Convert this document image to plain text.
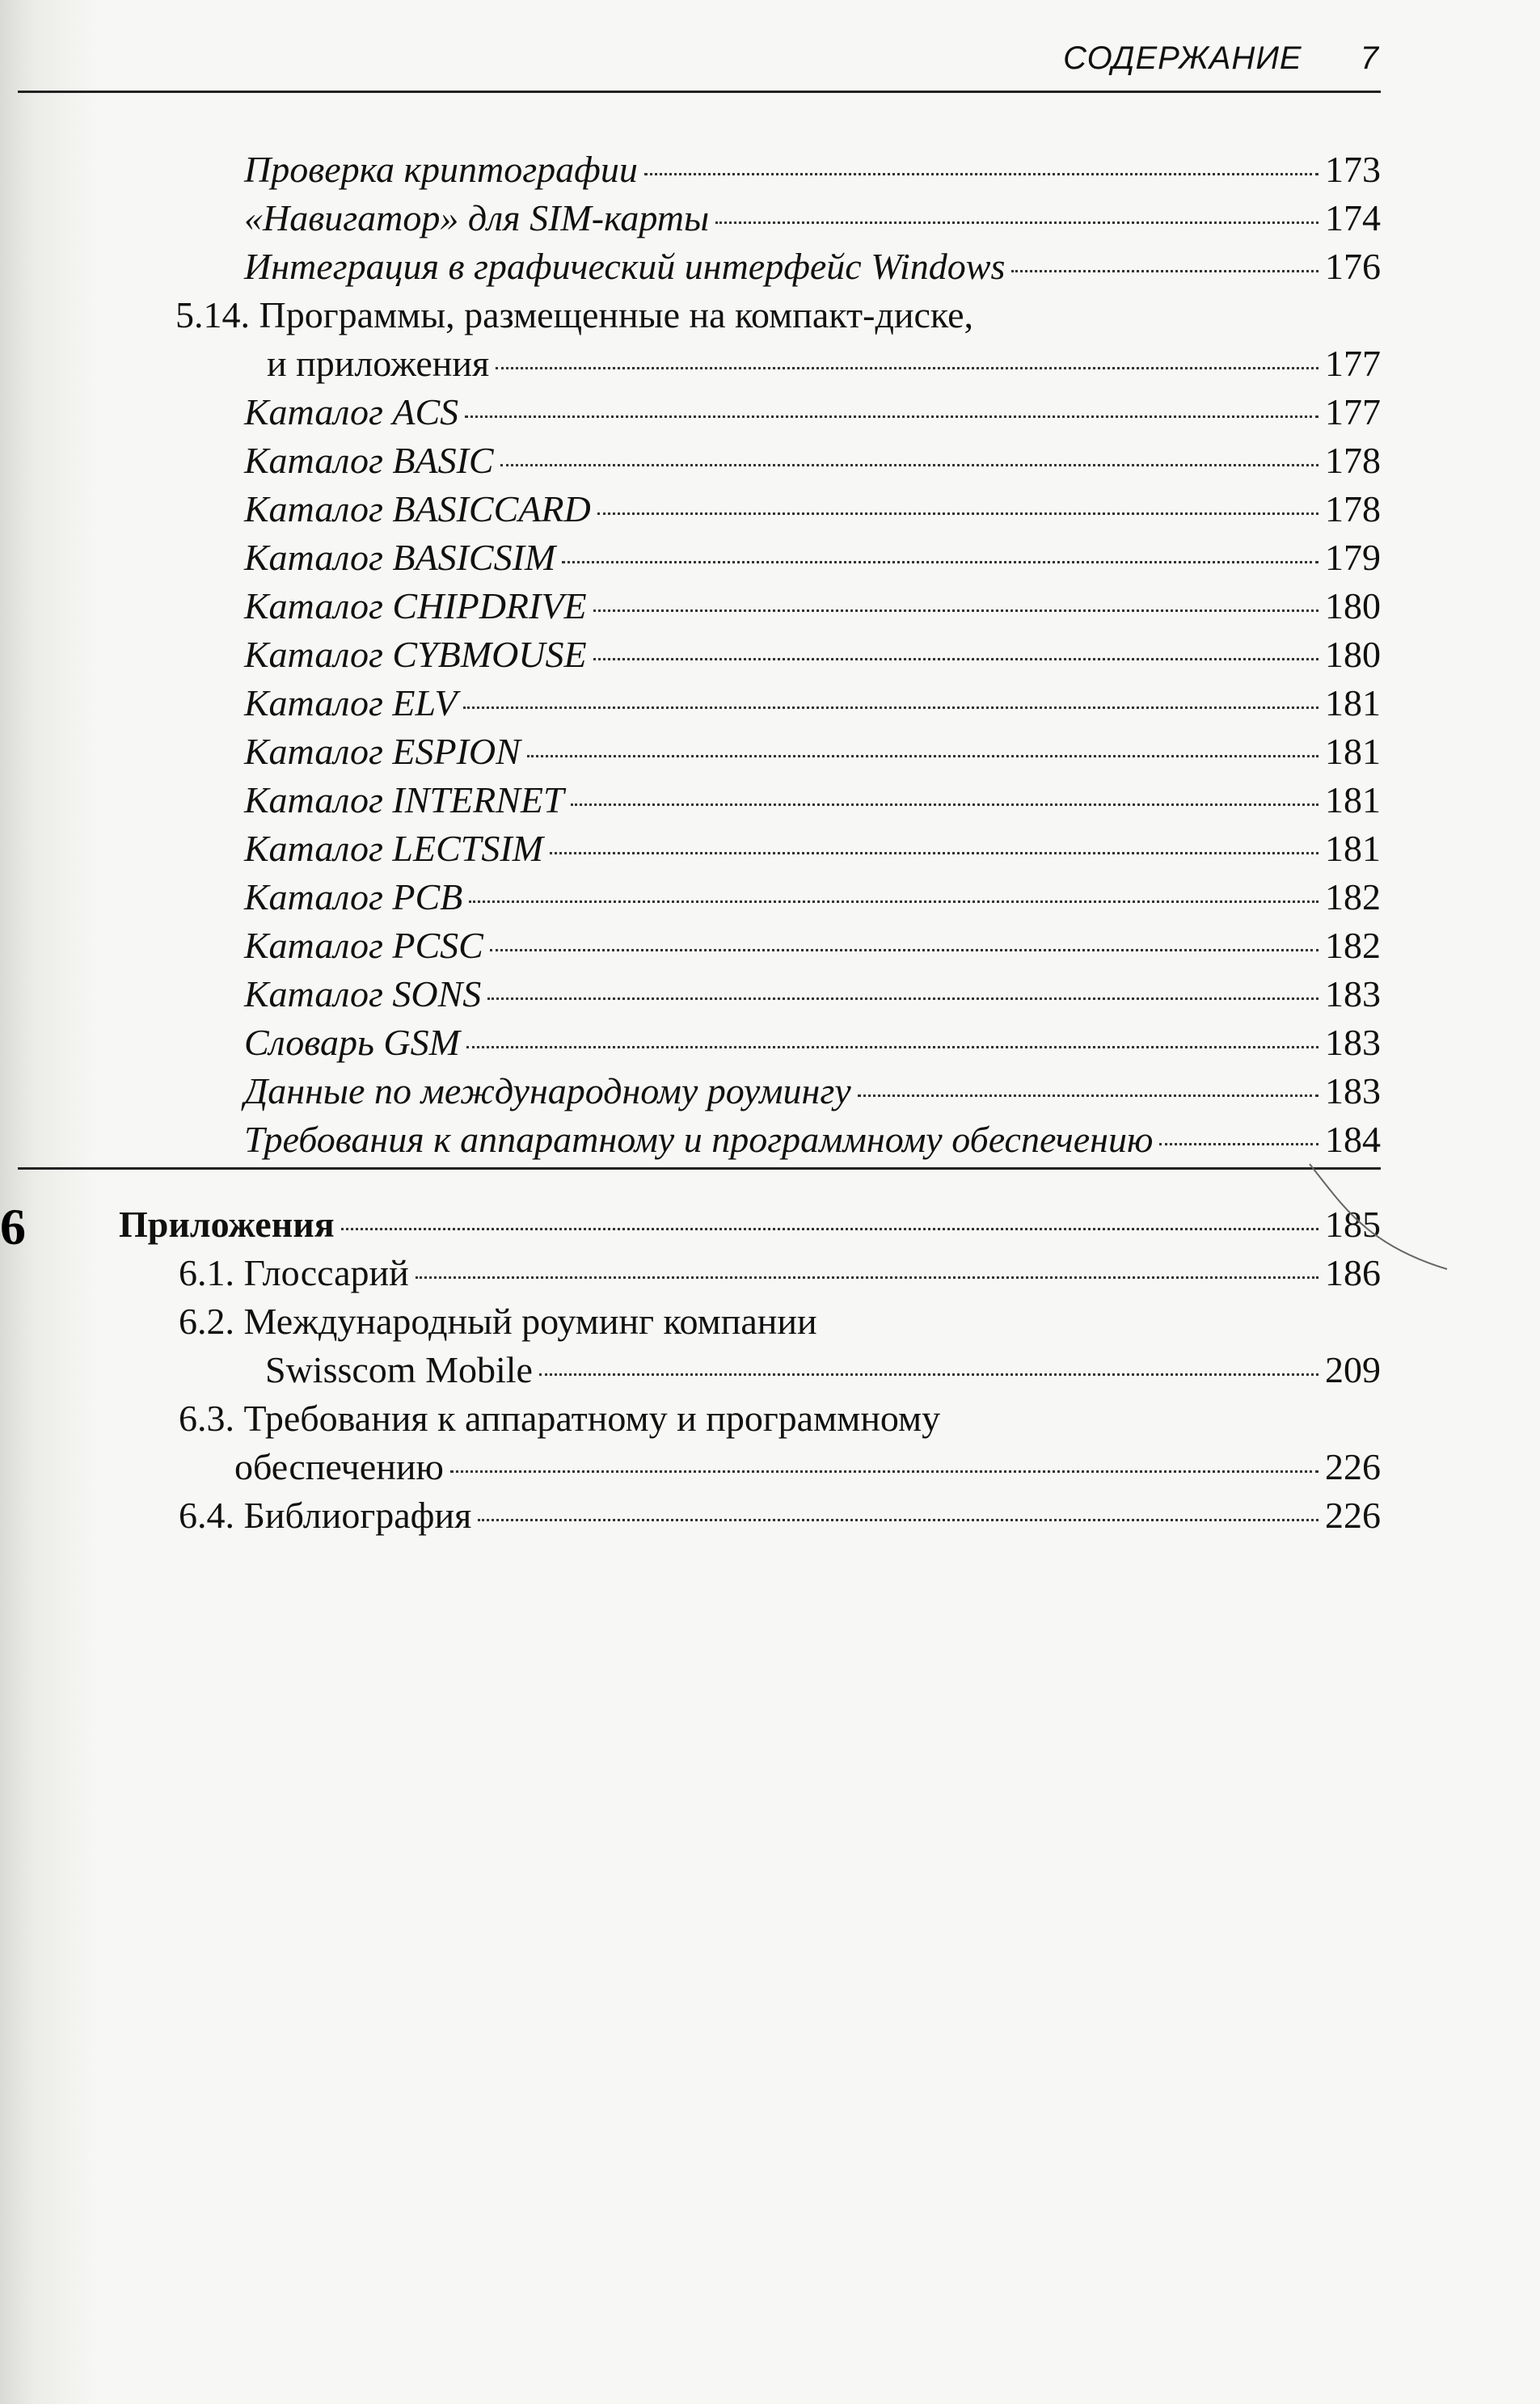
СОДЕРЖАНИЕ 7
Проверка криптографии	173
«Навигатор» для SIM-карты	174
Интеграция в графический интерфейс Windows	176
5.14. Программы, размещенные на компакт-диске,
и приложения	177
Каталог ACS	177
Каталог BASIC	178
Каталог BASICCARD	178
Каталог BASICSIM	179
Каталог CHIPDRIVE	180
Каталог CYBMOUSE	180
Каталог ELV	181
Каталог ESPION	181
Каталог INTERNET	181
Каталог LECTSIM	181
Каталог PCB	182
Каталог PCSC	182
Каталог SONS	183
Словарь GSM	183
Данные по международному роумингу	183
Требования к аппаратному и программному обеспечению	184
6	Приложения	185
6.1. Глоссарий	186
6.2. Международный роуминг компании
Swisscom Mobile	209
6.3. Требования к аппаратному и программному
обеспечению	226
6.4. Библиография	226
